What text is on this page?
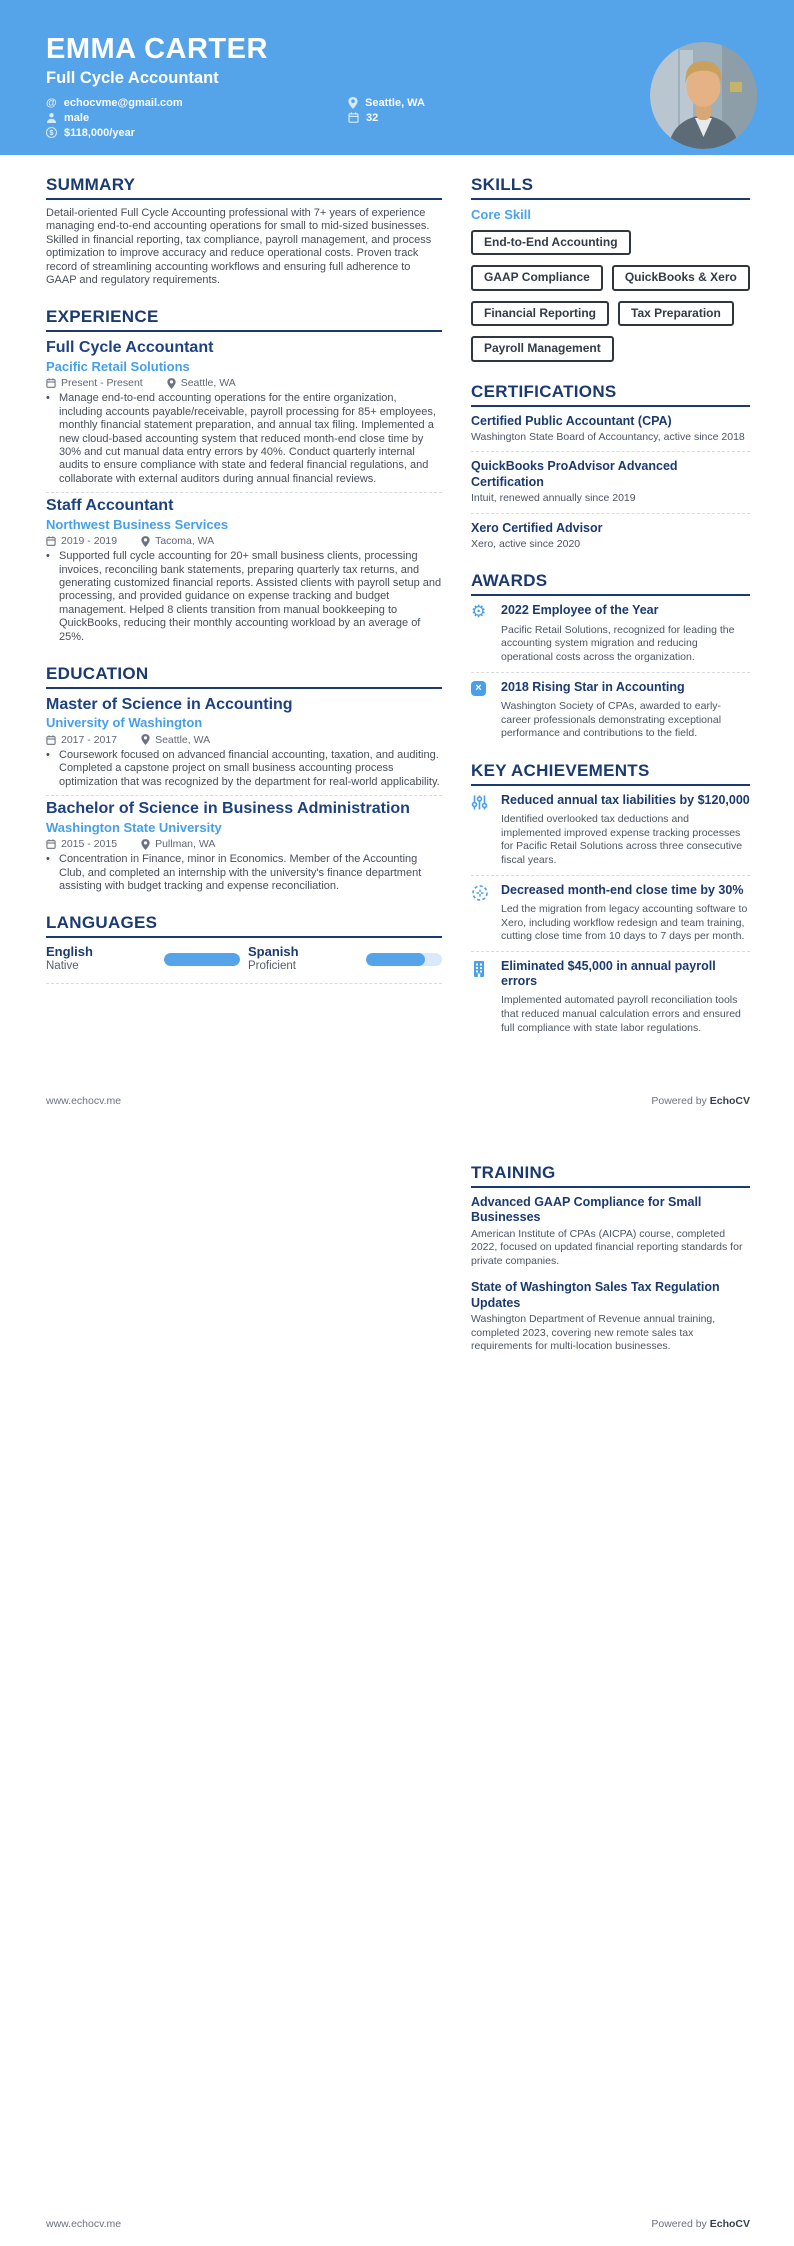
EMMA CARTER
Full Cycle Accountant
@ echocvme@gmail.com
male
$ $118,000/year
Seattle, WA
32
SUMMARY
Detail-oriented Full Cycle Accounting professional with 7+ years of experience managing end-to-end accounting operations for small to mid-sized businesses. Skilled in financial reporting, tax compliance, payroll management, and process optimization to improve accuracy and reduce operational costs. Proven track record of streamlining accounting workflows and ensuring full adherence to GAAP and regulatory requirements.
EXPERIENCE
Full Cycle Accountant
Pacific Retail Solutions
Present - Present	Seattle, WA
• Manage end-to-end accounting operations for the entire organization, including accounts payable/receivable, payroll processing for 85+ employees, monthly financial statement preparation, and annual tax filing. Implemented a new cloud-based accounting system that reduced month-end close time by 30% and cut manual data entry errors by 40%. Conduct quarterly internal audits to ensure compliance with state and federal financial regulations, and collaborate with external auditors during annual financial reviews.
Staff Accountant
Northwest Business Services
2019 - 2019	Tacoma, WA
• Supported full cycle accounting for 20+ small business clients, processing invoices, reconciling bank statements, preparing quarterly tax returns, and generating customized financial reports. Assisted clients with payroll setup and processing, and provided guidance on expense tracking and budget management. Helped 8 clients transition from manual bookkeeping to QuickBooks, reducing their monthly accounting workload by an average of 25%.
EDUCATION
Master of Science in Accounting
University of Washington
2017 - 2017	Seattle, WA
• Coursework focused on advanced financial accounting, taxation, and auditing. Completed a capstone project on small business accounting process optimization that was recognized by the department for real-world applicability.
Bachelor of Science in Business Administration
Washington State University
2015 - 2015	Pullman, WA
• Concentration in Finance, minor in Economics. Member of the Accounting Club, and completed an internship with the university's finance department assisting with budget tracking and expense reconciliation.
LANGUAGES
English
Native
Spanish
Proficient
SKILLS
Core Skill
End-to-End Accounting
GAAP Compliance	QuickBooks & Xero
Financial Reporting	Tax Preparation
Payroll Management
CERTIFICATIONS
Certified Public Accountant (CPA)
Washington State Board of Accountancy, active since 2018
QuickBooks ProAdvisor Advanced Certification
Intuit, renewed annually since 2019
Xero Certified Advisor
Xero, active since 2020
AWARDS
⚙	2022 Employee of the Year
Pacific Retail Solutions, recognized for leading the accounting system migration and reducing operational costs across the organization.
×	2018 Rising Star in Accounting
Washington Society of CPAs, awarded to early-career professionals demonstrating exceptional performance and contributions to the field.
KEY ACHIEVEMENTS
Reduced annual tax liabilities by $120,000
Identified overlooked tax deductions and implemented improved expense tracking processes for Pacific Retail Solutions across three consecutive fiscal years.
Decreased month-end close time by 30%
Led the migration from legacy accounting software to Xero, including workflow redesign and team training, cutting close time from 10 days to 7 days per month.
Eliminated $45,000 in annual payroll errors
Implemented automated payroll reconciliation tools that reduced manual calculation errors and ensured full compliance with state labor regulations.
www.echocv.me	Powered by EchoCV
TRAINING
Advanced GAAP Compliance for Small Businesses
American Institute of CPAs (AICPA) course, completed 2022, focused on updated financial reporting standards for private companies.
State of Washington Sales Tax Regulation Updates
Washington Department of Revenue annual training, completed 2023, covering new remote sales tax requirements for multi-location businesses.
www.echocv.me	Powered by EchoCV
